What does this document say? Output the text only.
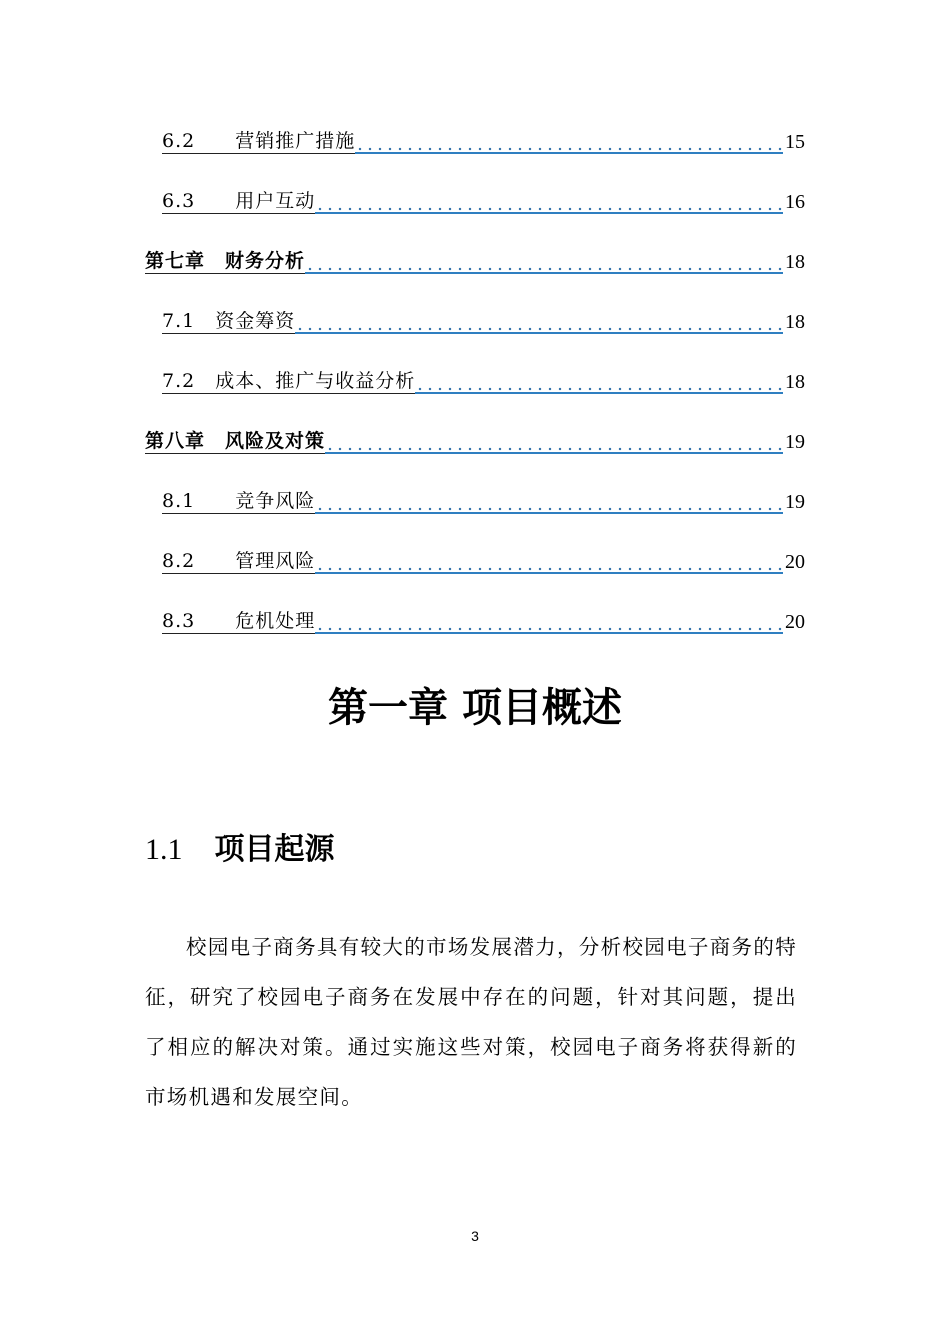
6.2　　营销推广措施	15
6.3　　用户互动	16
第七章　财务分析	18
7.1　资金筹资	18
7.2　成本、推广与收益分析	18
第八章　风险及对策	19
8.1　　竞争风险	19
8.2　　管理风险	20
8.3　　危机处理	20
第一章 项目概述
1.1 项目起源
校园电子商务具有较大的市场发展潜力，分析校园电子商务的特征，研究了校园电子商务在发展中存在的问题，针对其问题，提出了相应的解决对策。通过实施这些对策，校园电子商务将获得新的市场机遇和发展空间。
3
